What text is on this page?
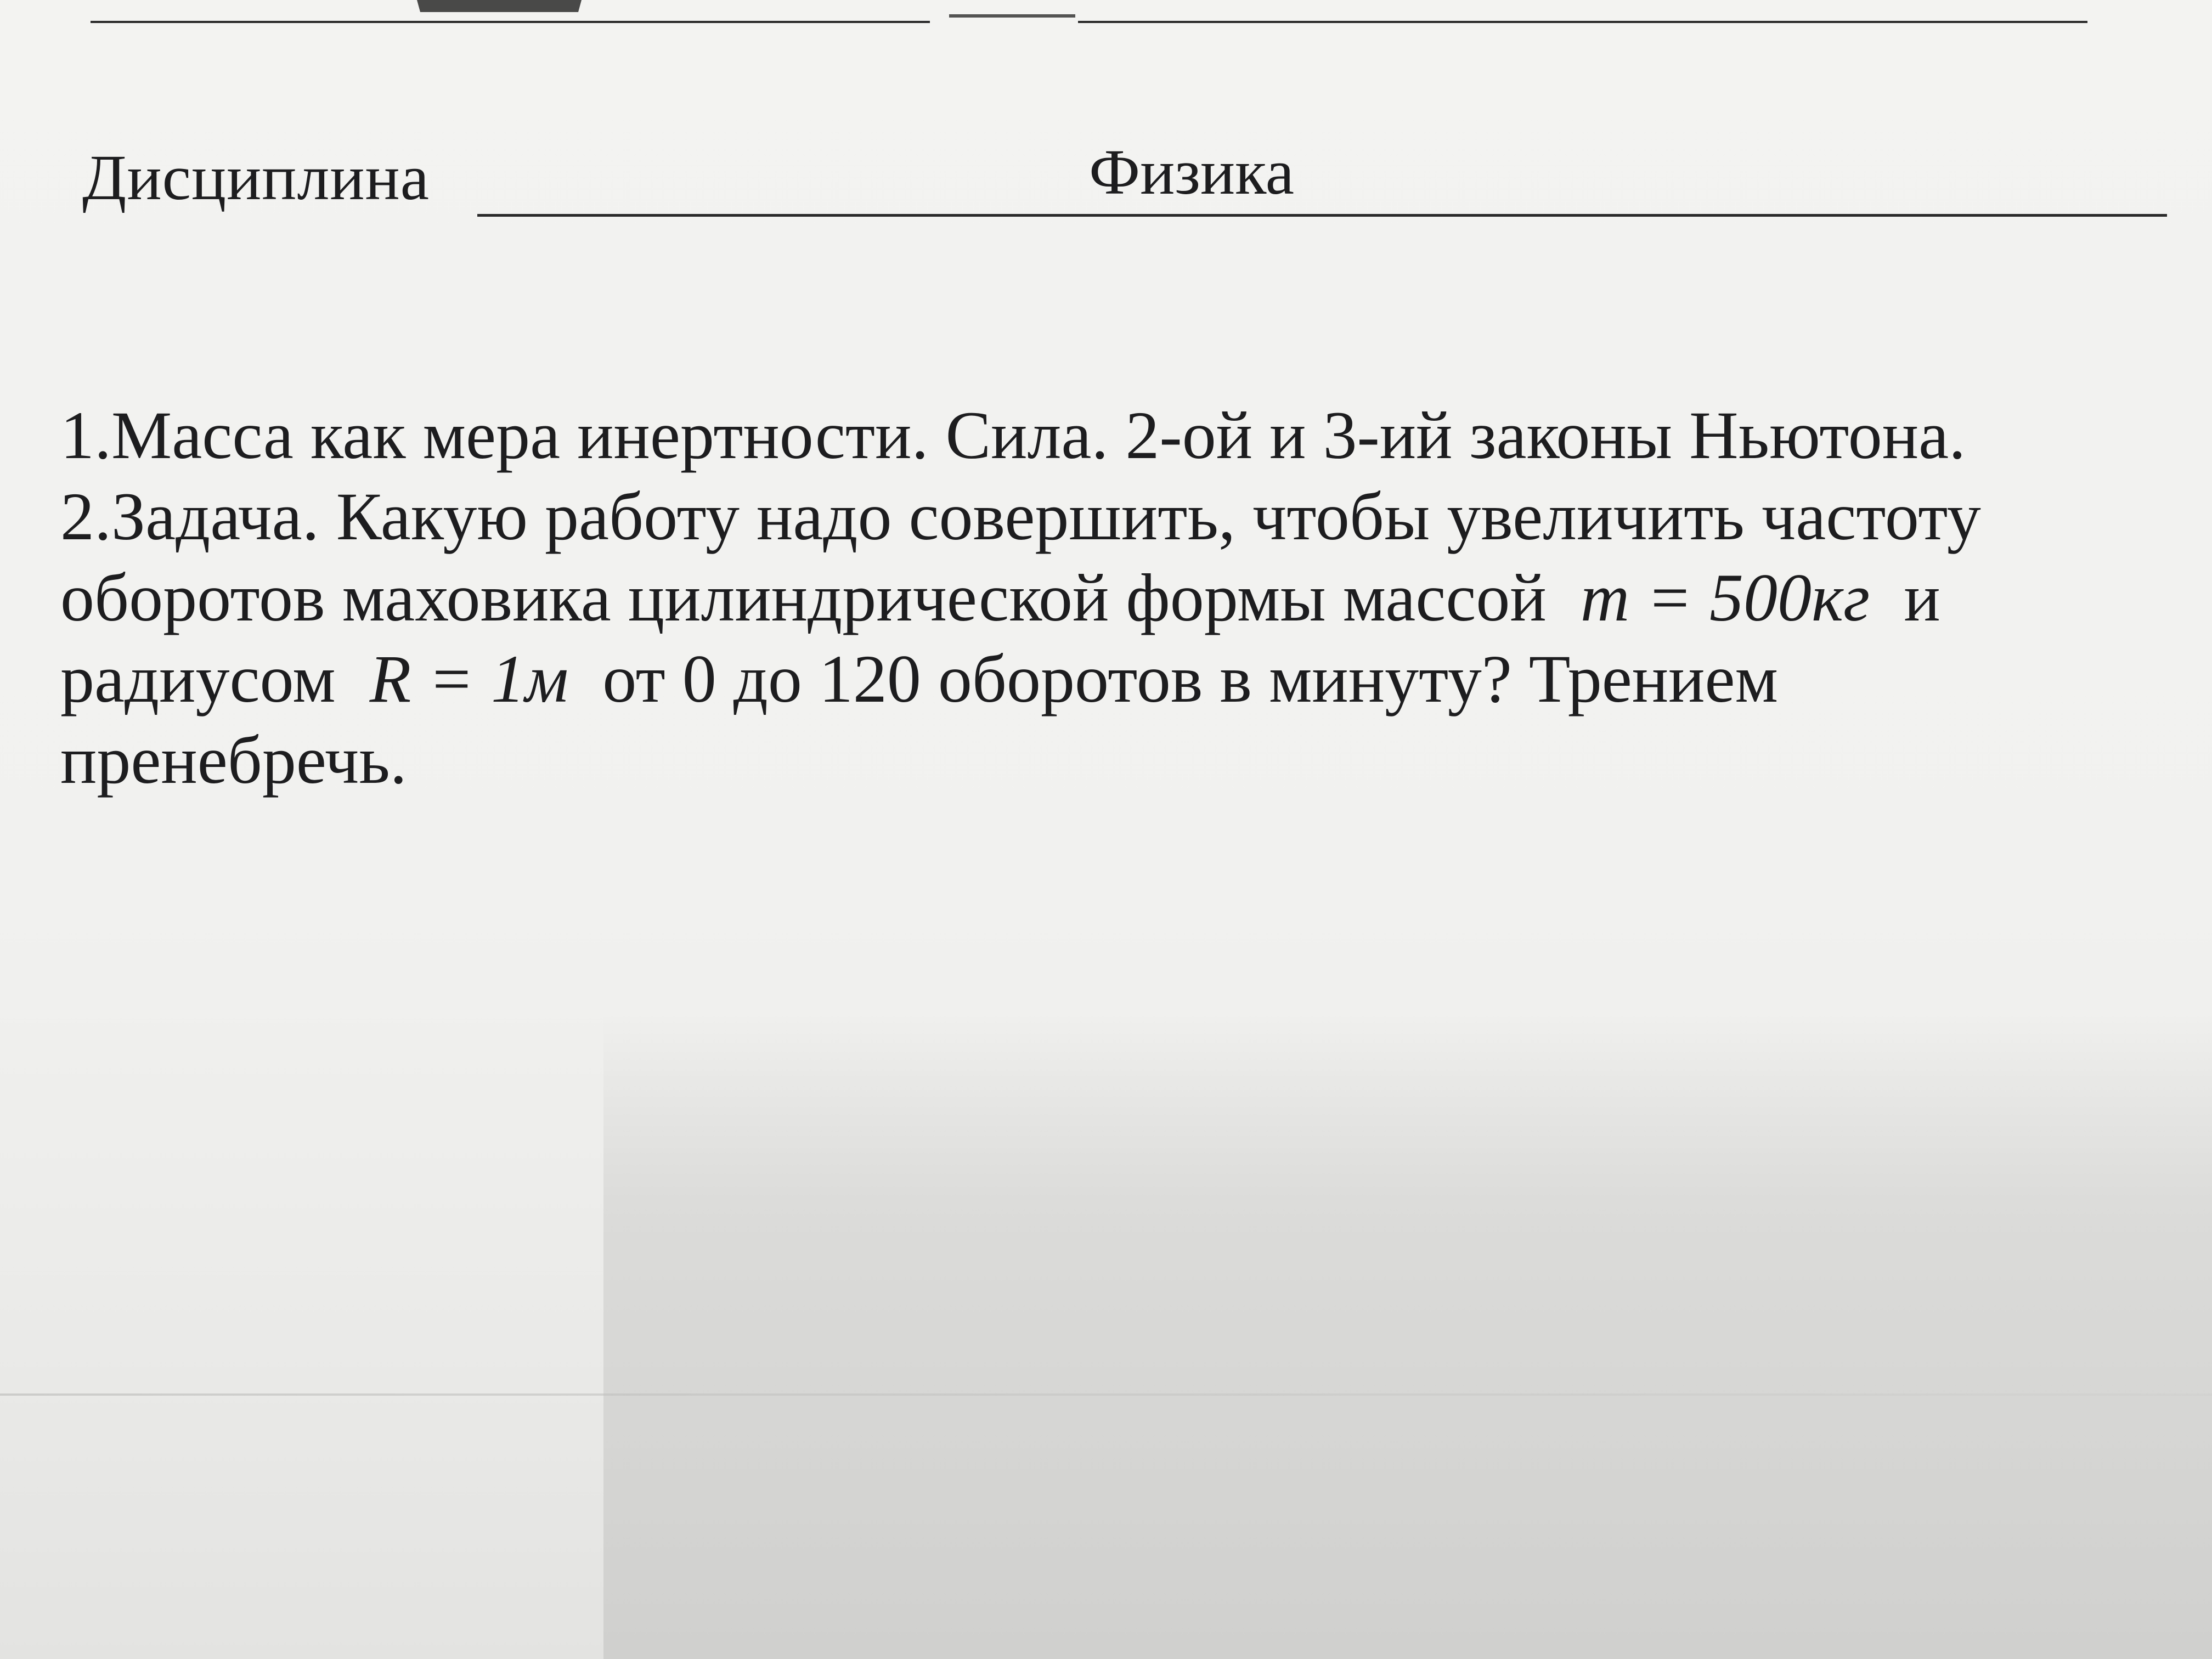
Дисциплина	Физика
1.Масса как мера инертности. Сила. 2-ой и 3-ий законы Ньютона.
2.Задача. Какую работу надо совершить, чтобы увеличить частоту
оборотов маховика цилиндрической формы массой m = 500кг и
радиусом R = 1м от 0 до 120 оборотов в минуту? Трением
пренебречь.
